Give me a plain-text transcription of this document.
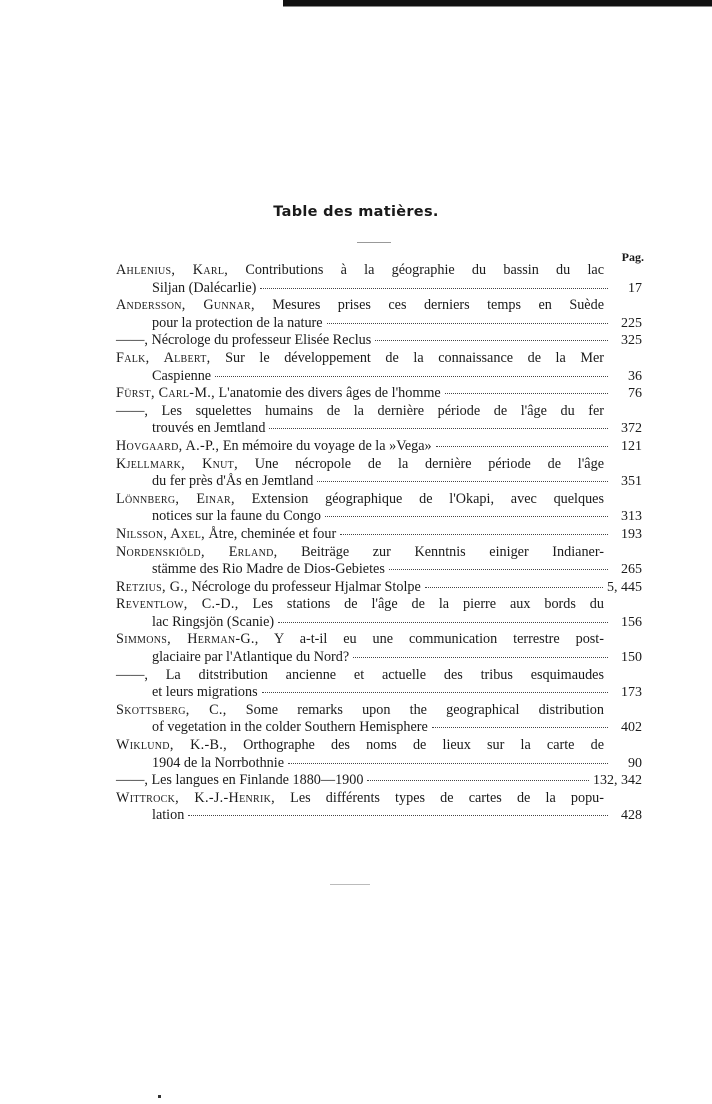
Table des matières.
Pag.
Ahlenius, Karl, Contributions à la géographie du bassin du lac
Siljan (Dalécarlie)	17
Andersson, Gunnar, Mesures prises ces derniers temps en Suède
pour la protection de la nature	225
——, Nécrologe du professeur Elisée Reclus	325
Falk, Albert, Sur le développement de la connaissance de la Mer
Caspienne	36
Fürst, Carl-M., L'anatomie des divers âges de l'homme	76
——, Les squelettes humains de la dernière période de l'âge du fer
trouvés en Jemtland	372
Hovgaard, A.-P., En mémoire du voyage de la »Vega»	121
Kjellmark, Knut, Une nécropole de la dernière période de l'âge
du fer près d'Ås en Jemtland	351
Lönnberg, Einar, Extension géographique de l'Okapi, avec quelques
notices sur la faune du Congo	313
Nilsson, Axel, Åtre, cheminée et four	193
Nordenskiöld, Erland, Beiträge zur Kenntnis einiger Indianer-
stämme des Rio Madre de Dios-Gebietes	265
Retzius, G., Nécrologe du professeur Hjalmar Stolpe	5, 445
Reventlow, C.-D., Les stations de l'âge de la pierre aux bords du
lac Ringsjön (Scanie)	156
Simmons, Herman-G., Y a-t-il eu une communication terrestre post-
glaciaire par l'Atlantique du Nord?	150
——, La ditstribution ancienne et actuelle des tribus esquimaudes
et leurs migrations	173
Skottsberg, C., Some remarks upon the geographical distribution
of vegetation in the colder Southern Hemisphere	402
Wiklund, K.-B., Orthographe des noms de lieux sur la carte de
1904 de la Norrbothnie	90
——, Les langues en Finlande 1880—1900	132, 342
Wittrock, K.-J.-Henrik, Les différents types de cartes de la popu-
lation	428
